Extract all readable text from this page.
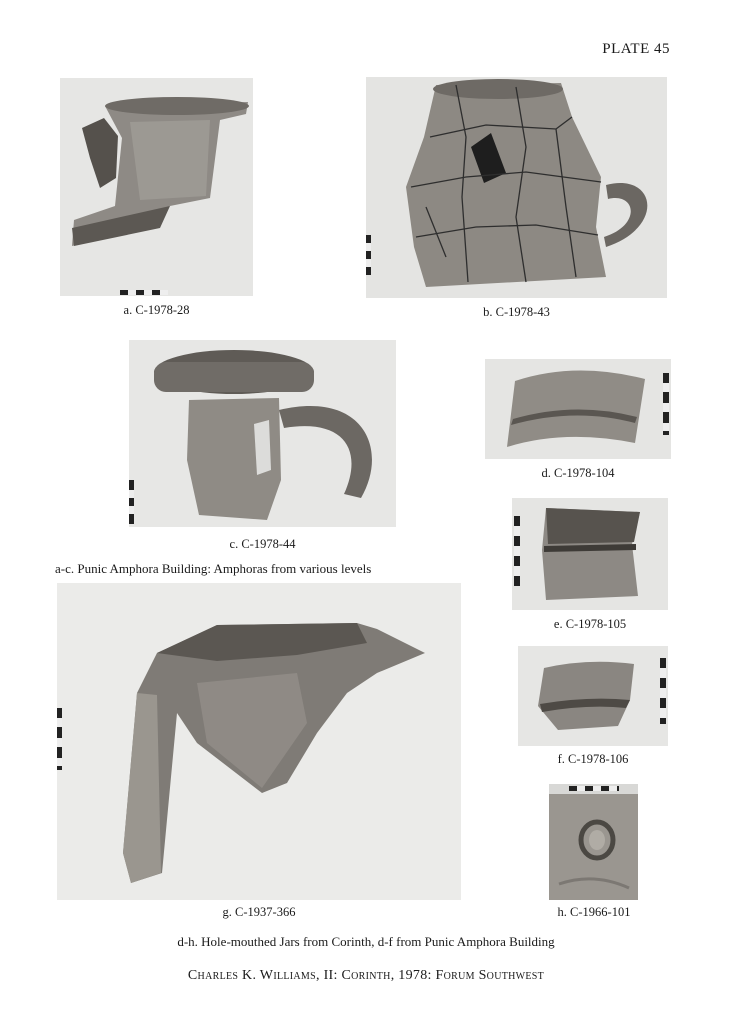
PLATE 45
a. C-1978-28	b. C-1978-43
c. C-1978-44
a-c. Punic Amphora Building: Amphoras from various levels
d. C-1978-104
e. C-1978-105
g. C-1937-366
f. C-1978-106
h. C-1966-101
d-h. Hole-mouthed Jars from Corinth, d-f from Punic Amphora Building
Charles K. Williams, II: Corinth, 1978: Forum Southwest
